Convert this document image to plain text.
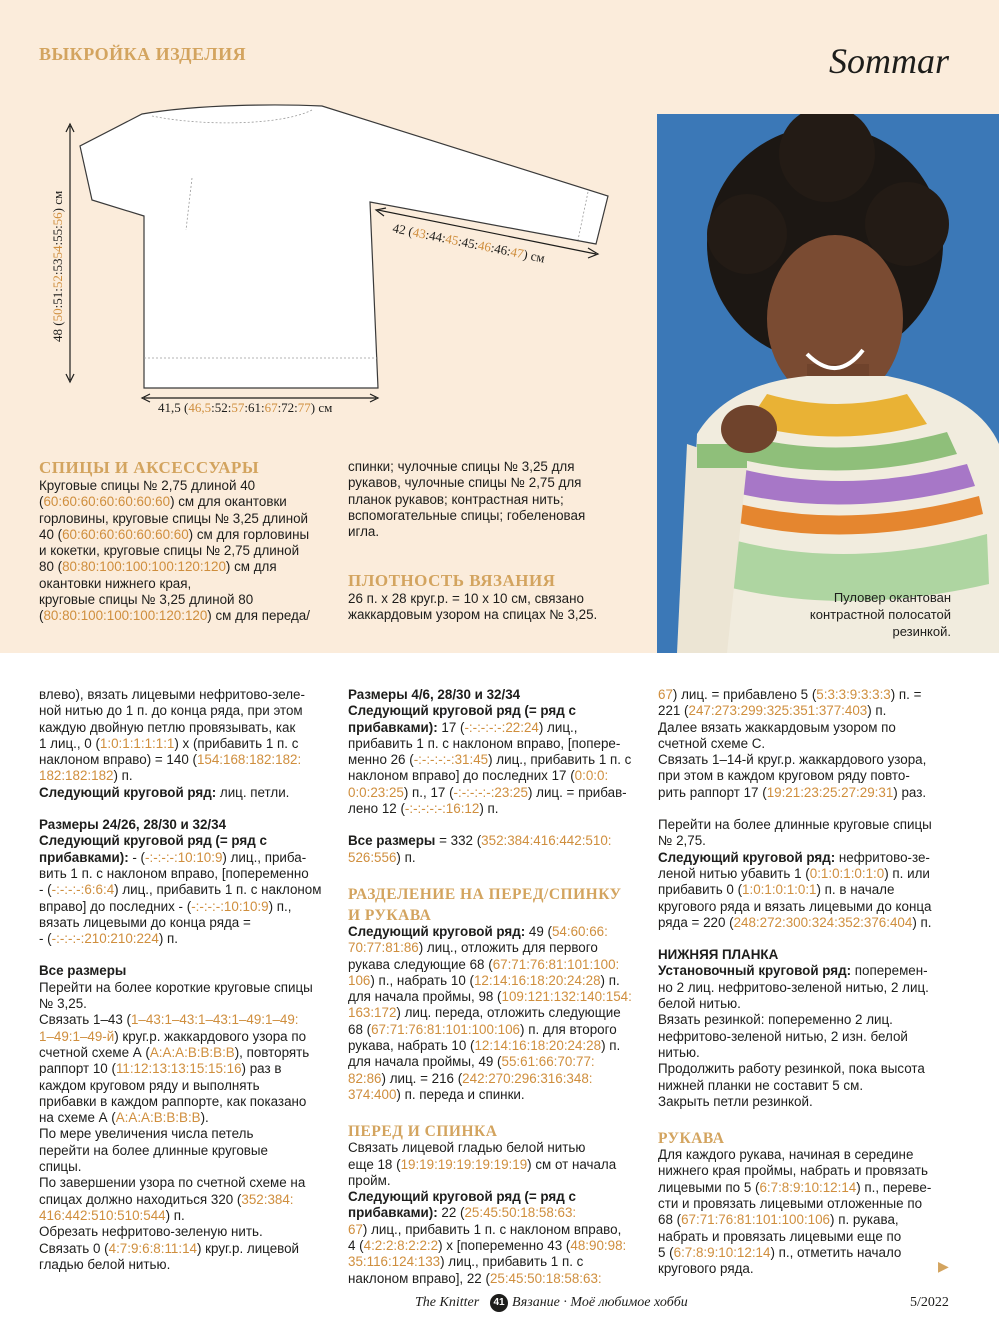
ВЫКРОЙКА ИЗДЕЛИЯ	Sommar
48 (50:51:52:5354:55:56) см
42 (43:44:45:45:46:46:47) см
41,5 (46,5:52:57:61:67:72:77) см
Пуловер окантован
контрастной полосатой
резинкой.
СПИЦЫ И АКСЕССУАРЫ

Круговые спицы № 2,75 длиной 40

(60:60:60:60:60:60:60) см для окантовки

горловины, круговые спицы № 3,25 длиной

40 (60:60:60:60:60:60:60) см для горловины

и кокетки, круговые спицы № 2,75 длиной

80 (80:80:100:100:100:120:120) см для

окантовки нижнего края,

круговые спицы № 3,25 длиной 80

(80:80:100:100:100:120:120) см для переда/

спинки; чулочные спицы № 3,25 для

рукавов, чулочные спицы № 2,75 для

планок рукавов; контрастная нить;

вспомогательные спицы; гобеленовая

игла.

ПЛОТНОСТЬ ВЯЗАНИЯ

26 п. х 28 круг.р. = 10 х 10 см, связано

жаккардовым узором на спицах № 3,25.

влево), вязать лицевыми нефритово-зеле-

ной нитью до 1 п. до конца ряда, при этом

каждую двойную петлю провязывать, как

1 лиц., 0 (1:0:1:1:1:1:1) х (прибавить 1 п. с

наклоном вправо) = 140 (154:168:182:182:

182:182:182) п.

Следующий круговой ряд: лиц. петли.

Размеры 24/26, 28/30 и 32/34

Следующий круговой ряд (= ряд с

прибавками): - (-:-:-:-:10:10:9) лиц., приба-

вить 1 п. с наклоном вправо, [попеременно

- (-:-:-:-:6:6:4) лиц., прибавить 1 п. с наклоном

вправо] до последних - (-:-:-:-:10:10:9) п.,

вязать лицевыми до конца ряда =

- (-:-:-:-:210:210:224) п.

Все размеры

Перейти на более короткие круговые спицы

№ 3,25.

Связать 1–43 (1–43:1–43:1–43:1–49:1–49:

1–49:1–49-й) круг.р. жаккардового узора по

счетной схеме А (А:А:А:В:В:В:В), повторять

раппорт 10 (11:12:13:13:15:15:16) раз в

каждом круговом ряду и выполнять

прибавки в каждом раппорте, как показано

на схеме А (А:А:А:В:В:В:В).

По мере увеличения числа петель

перейти на более длинные круговые

спицы.

По завершении узора по счетной схеме на

спицах должно находиться 320 (352:384:

416:442:510:510:544) п.

Обрезать нефритово-зеленую нить.

Связать 0 (4:7:9:6:8:11:14) круг.р. лицевой

гладью белой нитью.

Размеры 4/6, 28/30 и 32/34

Следующий круговой ряд (= ряд с

прибавками): 17 (-:-:-:-:-:22:24) лиц.,

прибавить 1 п. с наклоном вправо, [попере-

менно 26 (-:-:-:-:-:31:45) лиц., прибавить 1 п. с

наклоном вправо] до последних 17 (0:0:0:

0:0:23:25) п., 17 (-:-:-:-:-:23:25) лиц. = прибав-

лено 12 (-:-:-:-:-:16:12) п.

Все размеры = 332 (352:384:416:442:510:

526:556) п.

РАЗДЕЛЕНИЕ НА ПЕРЕД/СПИНКУ

И РУКАВА

Следующий круговой ряд: 49 (54:60:66:

70:77:81:86) лиц., отложить для первого

рукава следующие 68 (67:71:76:81:101:100:

106) п., набрать 10 (12:14:16:18:20:24:28) п.

для начала проймы, 98 (109:121:132:140:154:

163:172) лиц. переда, отложить следующие

68 (67:71:76:81:101:100:106) п. для второго

рукава, набрать 10 (12:14:16:18:20:24:28) п.

для начала проймы, 49 (55:61:66:70:77:

82:86) лиц. = 216 (242:270:296:316:348:

374:400) п. переда и спинки.

ПЕРЕД И СПИНКА

Связать лицевой гладью белой нитью

еще 18 (19:19:19:19:19:19:19) см от начала

пройм.

Следующий круговой ряд (= ряд с

прибавками): 22 (25:45:50:18:58:63:

67) лиц., прибавить 1 п. с наклоном вправо,

4 (4:2:2:8:2:2:2) х [попеременно 43 (48:90:98:

35:116:124:133) лиц., прибавить 1 п. с

наклоном вправо], 22 (25:45:50:18:58:63:

67) лиц. = прибавлено 5 (5:3:3:9:3:3:3) п. =

221 (247:273:299:325:351:377:403) п.

Далее вязать жаккардовым узором по

счетной схеме С.

Связать 1–14-й круг.р. жаккардового узора,

при этом в каждом круговом ряду повто-

рить раппорт 17 (19:21:23:25:27:29:31) раз.

Перейти на более длинные круговые спицы

№ 2,75.

Следующий круговой ряд: нефритово-зе-

леной нитью убавить 1 (0:1:0:1:0:1:0) п. или

прибавить 0 (1:0:1:0:1:0:1) п. в начале

кругового ряда и вязать лицевыми до конца

ряда = 220 (248:272:300:324:352:376:404) п.

НИЖНЯЯ ПЛАНКА

Установочный круговой ряд: поперемен-

но 2 лиц. нефритово-зеленой нитью, 2 лиц.

белой нитью.

Вязать резинкой: попеременно 2 лиц.

нефритово-зеленой нитью, 2 изн. белой

нитью.

Продолжить работу резинкой, пока высота

нижней планки не составит 5 см.

Закрыть петли резинкой.

РУКАВА

Для каждого рукава, начиная в середине

нижнего края проймы, набрать и провязать

лицевыми по 5 (6:7:8:9:10:12:14) п., переве-

сти и провязать лицевыми отложенные по

68 (67:71:76:81:101:100:106) п. рукава,

набрать и провязать лицевыми еще по

5 (6:7:8:9:10:12:14) п., отметить начало

кругового ряда.	▶
The Knitter	41 Вязание · Моё любимое хобби	5/2022
